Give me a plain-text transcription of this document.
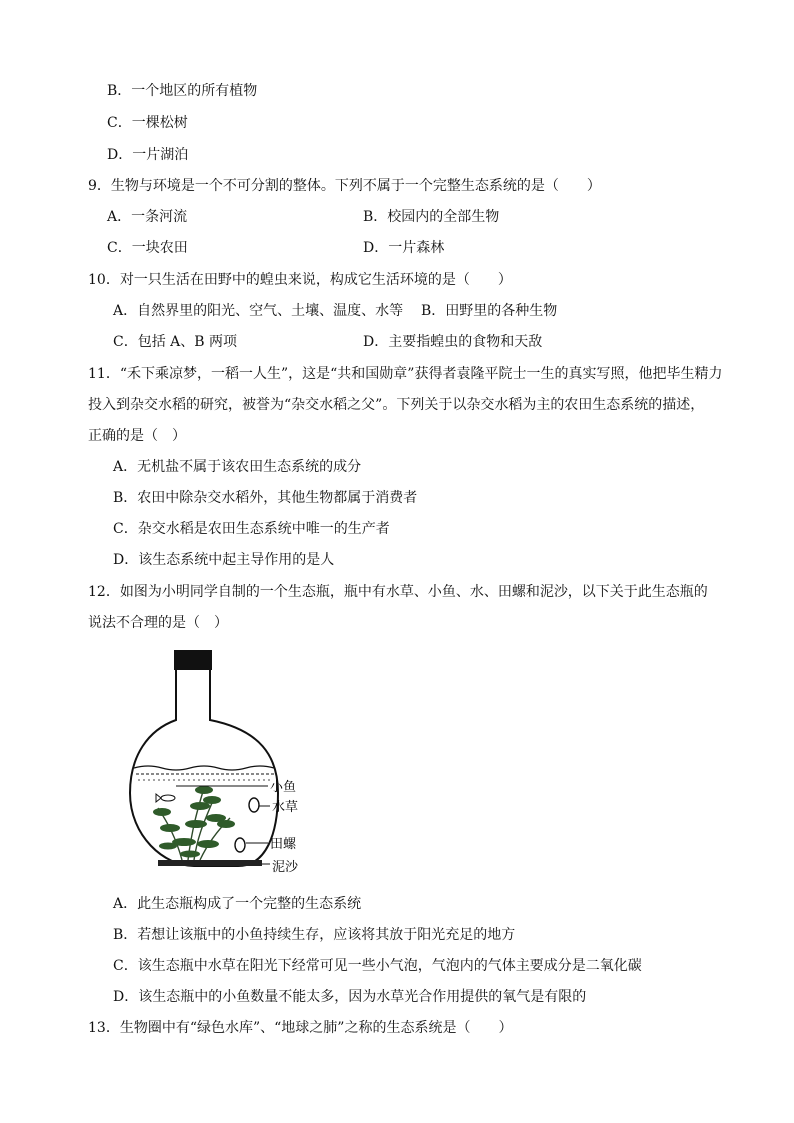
B．一个地区的所有植物
C．一棵松树
D．一片湖泊
9．生物与环境是一个不可分割的整体。下列不属于一个完整生态系统的是（　　）
A．一条河流	B．校园内的全部生物
C．一块农田	D．一片森林
10．对一只生活在田野中的蝗虫来说，构成它生活环境的是（　　）
A．自然界里的阳光、空气、土壤、温度、水等 B．田野里的各种生物
C．包括 A、B 两项	D．主要指蝗虫的食物和天敌
11．“禾下乘凉梦，一稻一人生”，这是“共和国勋章”获得者袁隆平院士一生的真实写照，他把毕生精力
投入到杂交水稻的研究，被誉为“杂交水稻之父”。下列关于以杂交水稻为主的农田生态系统的描述，
正确的是（　）
A．无机盐不属于该农田生态系统的成分
B．农田中除杂交水稻外，其他生物都属于消费者
C．杂交水稻是农田生态系统中唯一的生产者
D．该生态系统中起主导作用的是人
12．如图为小明同学自制的一个生态瓶，瓶中有水草、小鱼、水、田螺和泥沙，以下关于此生态瓶的
说法不合理的是（　）
小鱼
水草
田螺
泥沙
A．此生态瓶构成了一个完整的生态系统
B．若想让该瓶中的小鱼持续生存，应该将其放于阳光充足的地方
C．该生态瓶中水草在阳光下经常可见一些小气泡，气泡内的气体主要成分是二氧化碳
D．该生态瓶中的小鱼数量不能太多，因为水草光合作用提供的氧气是有限的
13．生物圈中有“绿色水库”、“地球之肺”之称的生态系统是（　　）
